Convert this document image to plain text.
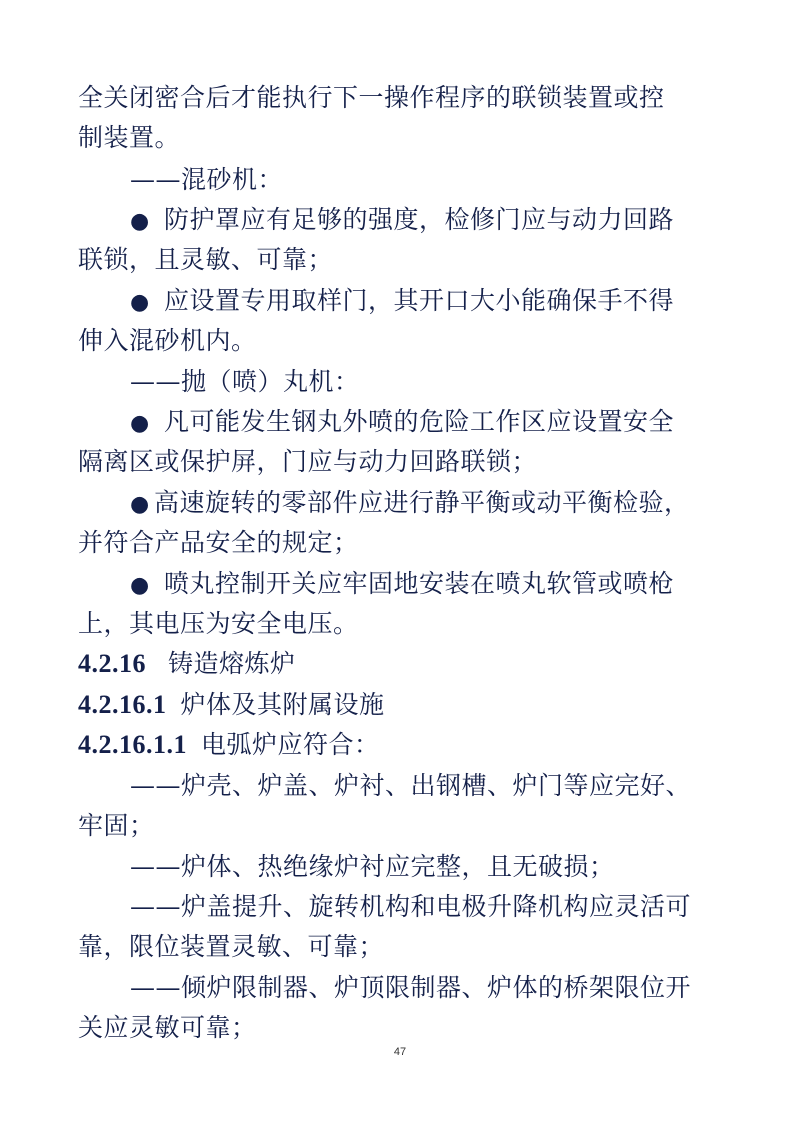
全关闭密合后才能执行下一操作程序的联锁装置或控
制装置。
——混砂机：
● 防护罩应有足够的强度，检修门应与动力回路
联锁，且灵敏、可靠；
● 应设置专用取样门，其开口大小能确保手不得
伸入混砂机内。
——抛（喷）丸机：
● 凡可能发生钢丸外喷的危险工作区应设置安全
隔离区或保护屏，门应与动力回路联锁；
● 高速旋转的零部件应进行静平衡或动平衡检验，
并符合产品安全的规定；
● 喷丸控制开关应牢固地安装在喷丸软管或喷枪
上，其电压为安全电压。
4.2.16 铸造熔炼炉
4.2.16.1 炉体及其附属设施
4.2.16.1.1 电弧炉应符合：
——炉壳、炉盖、炉衬、出钢槽、炉门等应完好、
牢固；
——炉体、热绝缘炉衬应完整，且无破损；
——炉盖提升、旋转机构和电极升降机构应灵活可
靠，限位装置灵敏、可靠；
——倾炉限制器、炉顶限制器、炉体的桥架限位开
关应灵敏可靠；
47
